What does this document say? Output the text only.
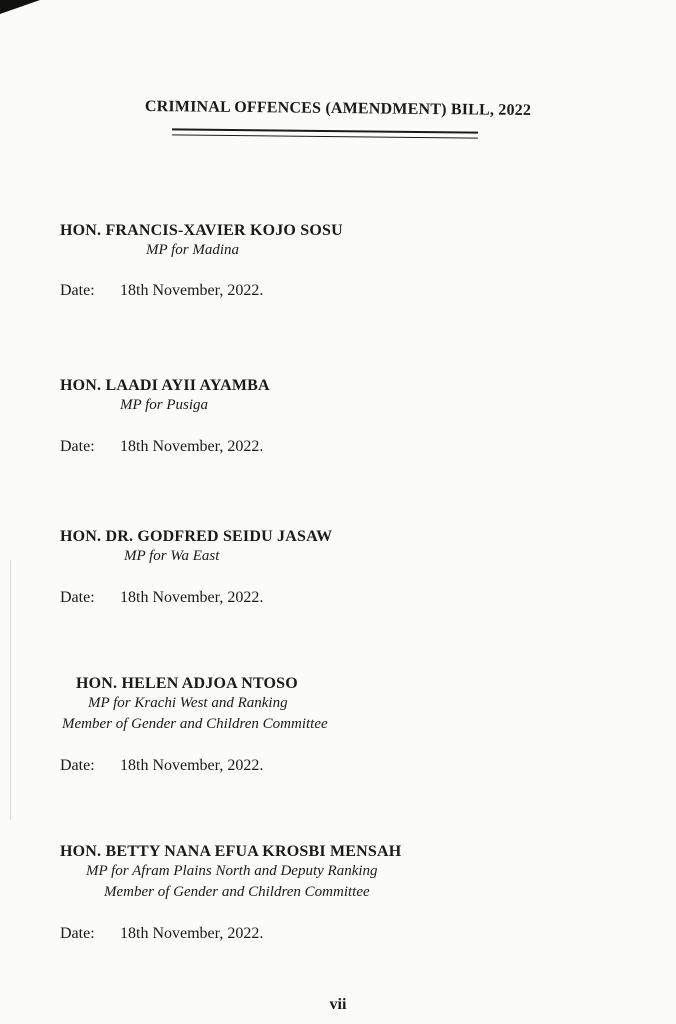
CRIMINAL OFFENCES (AMENDMENT) BILL, 2022
HON. FRANCIS-XAVIER KOJO SOSU
MP for Madina
Date: 18th November, 2022.
HON. LAADI AYII AYAMBA
MP for Pusiga
Date: 18th November, 2022.
HON. DR. GODFRED SEIDU JASAW
MP for Wa East
Date: 18th November, 2022.
HON. HELEN ADJOA NTOSO
MP for Krachi West and Ranking
Member of Gender and Children Committee
Date: 18th November, 2022.
HON. BETTY NANA EFUA KROSBI MENSAH
MP for Afram Plains North and Deputy Ranking
Member of Gender and Children Committee
Date: 18th November, 2022.
vii
